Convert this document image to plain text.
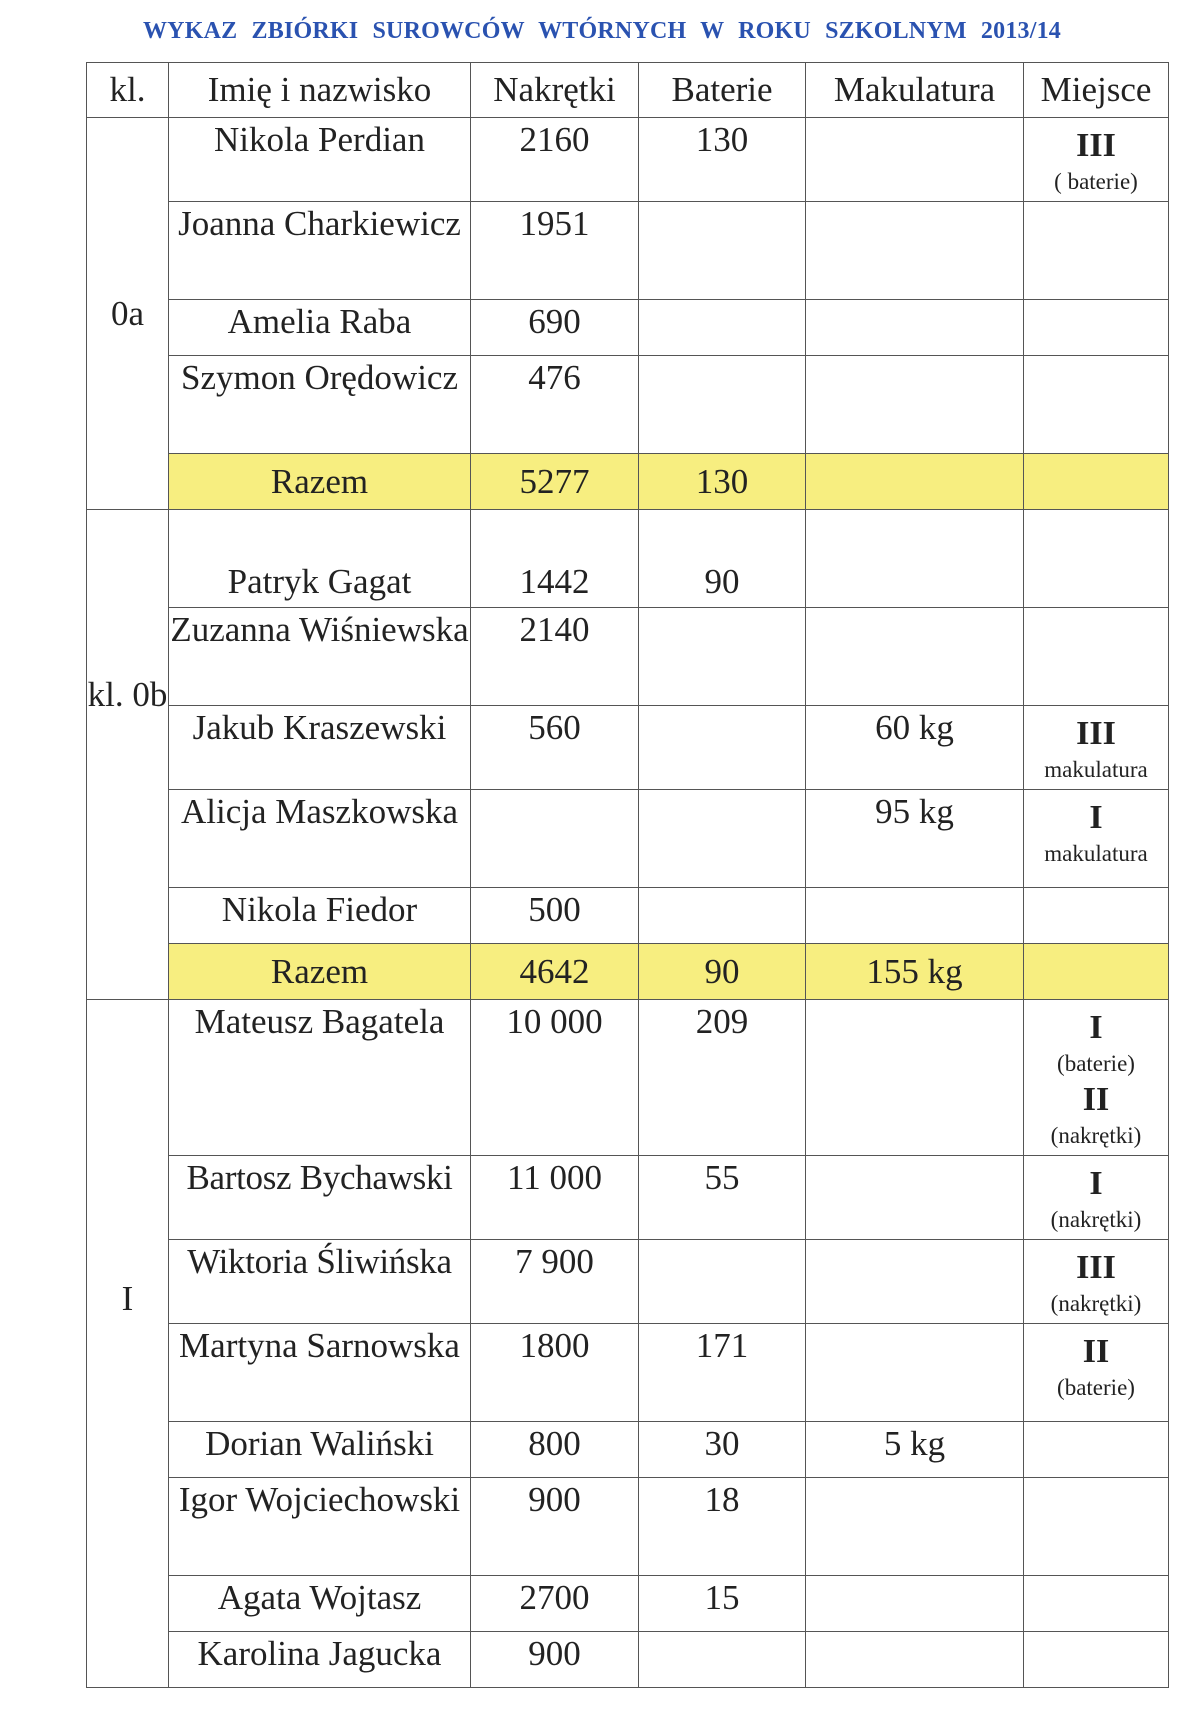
WYKAZ ZBIÓRKI SUROWCÓW WTÓRNYCH W ROKU SZKOLNYM 2013/14
kl.	Imię i nazwisko	Nakrętki	Baterie	Makulatura	Miejsce
0a	Nikola Perdian	2160	130		III
( baterie)

	Joanna Charkiewicz	1951			
	Amelia Raba	690			
	Szymon Orędowicz	476			
	Razem	5277	130		
kl. 0b	Patryk Gagat	1442	90		
	Zuzanna Wiśniewska	2140			
	Jakub Kraszewski	560		60 kg	III
makulatura

	Alicja Maszkowska			95 kg	I
makulatura

	Nikola Fiedor	500			
	Razem	4642	90	155 kg	
I	Mateusz Bagatela	10 000	209		I
(baterie)
II
(nakrętki)

	Bartosz Bychawski	11 000	55		I
(nakrętki)

	Wiktoria Śliwińska	7 900			III
(nakrętki)

	Martyna Sarnowska	1800	171		II
(baterie)

	Dorian Waliński	800	30	5 kg	
	Igor Wojciechowski	900	18		
	Agata Wojtasz	2700	15		
	Karolina Jagucka	900			
